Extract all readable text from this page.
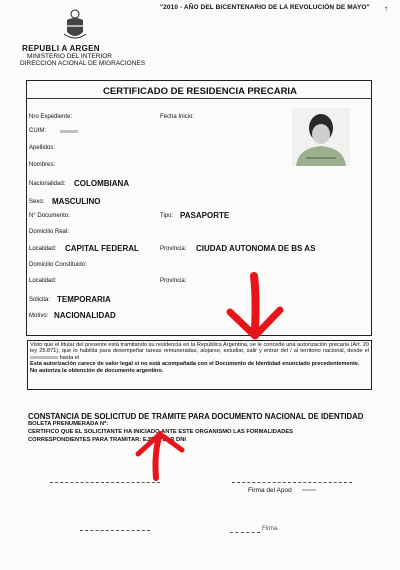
"2010 - AÑO DEL BICENTENARIO DE LA REVOLUCIÓN DE MAYO" ↑
REPUBLI A ARGEN
MINISTERIO DEL INTERIOR
DIRECCION ACIONAL DE MIGRACIONES
CERTIFICADO DE RESIDENCIA PRECARIA
Nro Expediente:	Fecha Inicio:
CUIM:
Apellidos:
Nombres:
Nacionalidad: COLOMBIANA
Sexo: MASCULINO
N° Documento:	Tipo: PASAPORTE
Domicilio Real:
Localidad: CAPITAL FEDERAL	Provincia: CIUDAD AUTONOMA DE BS AS
Domicilio Constituido:
Localidad:	Provincia:
Solicita: TEMPORARIA
Motivo: NACIONALIDAD
Visto que el titular del presente está tramitando su residencia en la República Argentina, se le concede una autorización precaria (Art. 20 ley 25.871), que lo habilita para desempeñar tareas remuneradas, alojarse, estudiar, salir y entrar del / al territorio nacional, desde el  hasta el
Esta autorización carece de valor legal si no está acompañada con el Documento de Identidad enunciado precedentemente.
No autoriza la obtención de documento argentino.
CONSTANCIA DE SOLICITUD DE TRAMITE PARA DOCUMENTO NACIONAL DE IDENTIDAD
BOLETA PRENUMERADA Nº:
CERTIFICO QUE EL SOLICITANTE HA INICIADO ANTE ESTE ORGANISMO LAS FORMALIDADES
CORRESPONDIENTES PARA TRAMITAR: EJEMPLAR DNI
Firma del Apod
Firma
